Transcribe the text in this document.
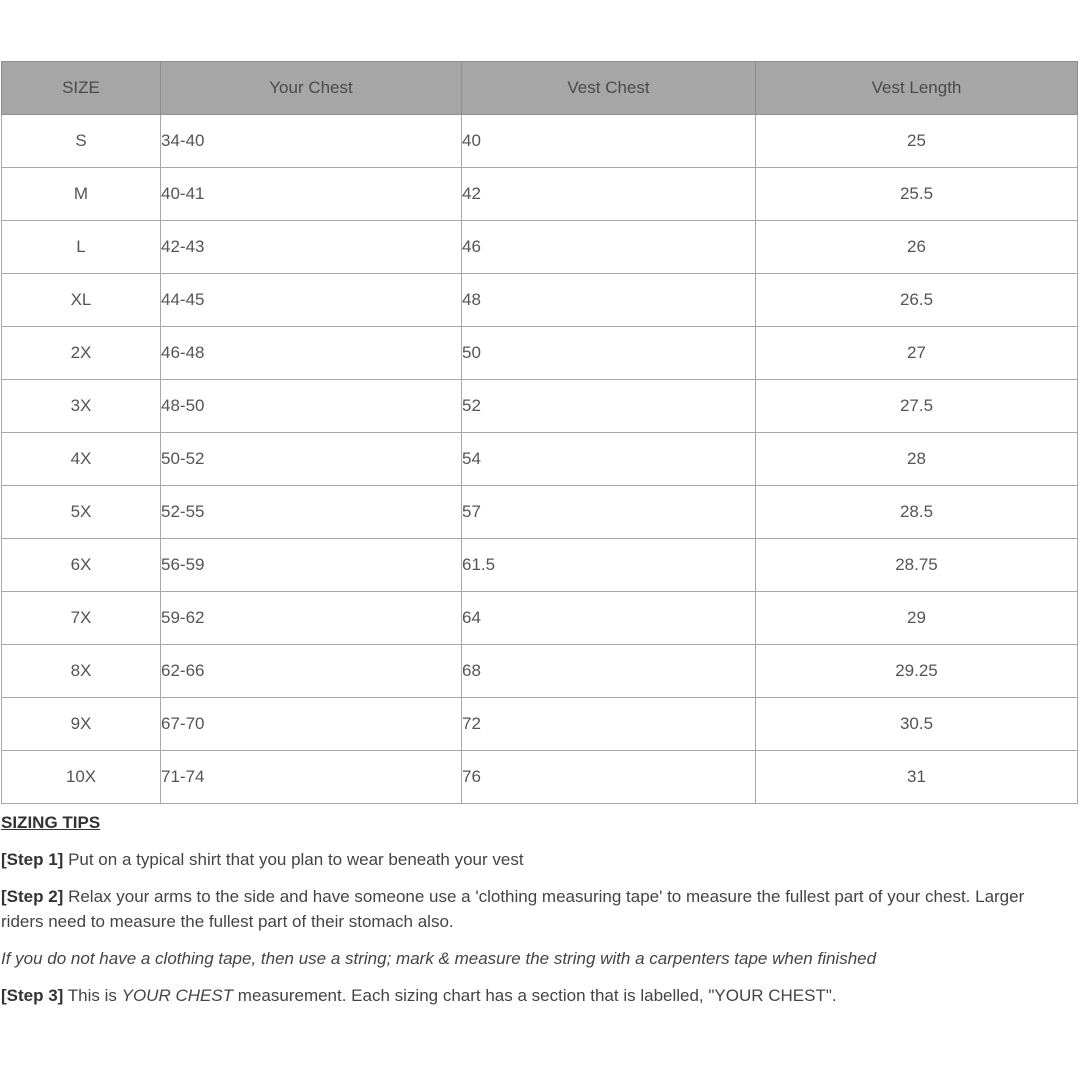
SIZE	Your Chest	Vest Chest	Vest Length
S	34-40	40	25
M	40-41	42	25.5
L	42-43	46	26
XL	44-45	48	26.5
2X	46-48	50	27
3X	48-50	52	27.5
4X	50-52	54	28
5X	52-55	57	28.5
6X	56-59	61.5	28.75
7X	59-62	64	29
8X	62-66	68	29.25
9X	67-70	72	30.5
10X	71-74	76	31
SIZING TIPS

[Step 1] Put on a typical shirt that you plan to wear beneath your vest

[Step 2] Relax your arms to the side and have someone use a 'clothing measuring tape' to measure the fullest part of your chest. Larger riders need to measure the fullest part of their stomach also.

If you do not have a clothing tape, then use a string; mark & measure the string with a carpenters tape when finished

[Step 3] This is YOUR CHEST measurement. Each sizing chart has a section that is labelled, "YOUR CHEST".
